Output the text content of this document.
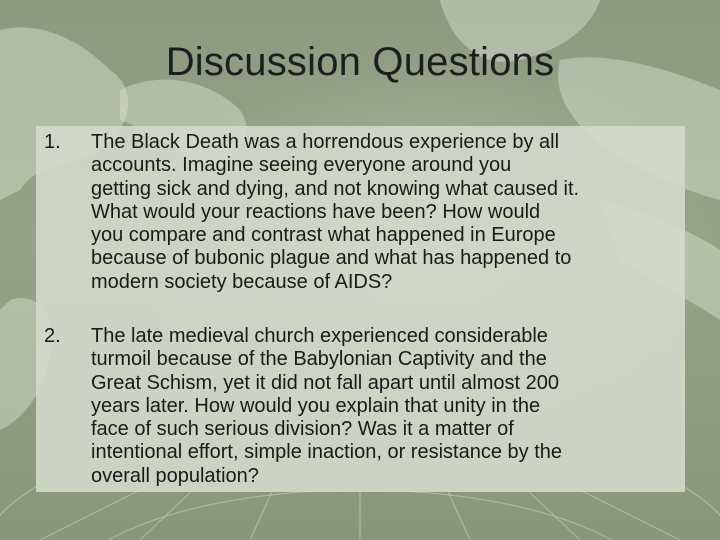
Discussion Questions
1. The Black Death was a horrendous experience by all
accounts. Imagine seeing everyone around you
getting sick and dying, and not knowing what caused it.
What would your reactions have been? How would
you compare and contrast what happened in Europe
because of bubonic plague and what has happened to
modern society because of AIDS?
2. The late medieval church experienced considerable
turmoil because of the Babylonian Captivity and the
Great Schism, yet it did not fall apart until almost 200
years later. How would you explain that unity in the
face of such serious division? Was it a matter of
intentional effort, simple inaction, or resistance by the
overall population?
